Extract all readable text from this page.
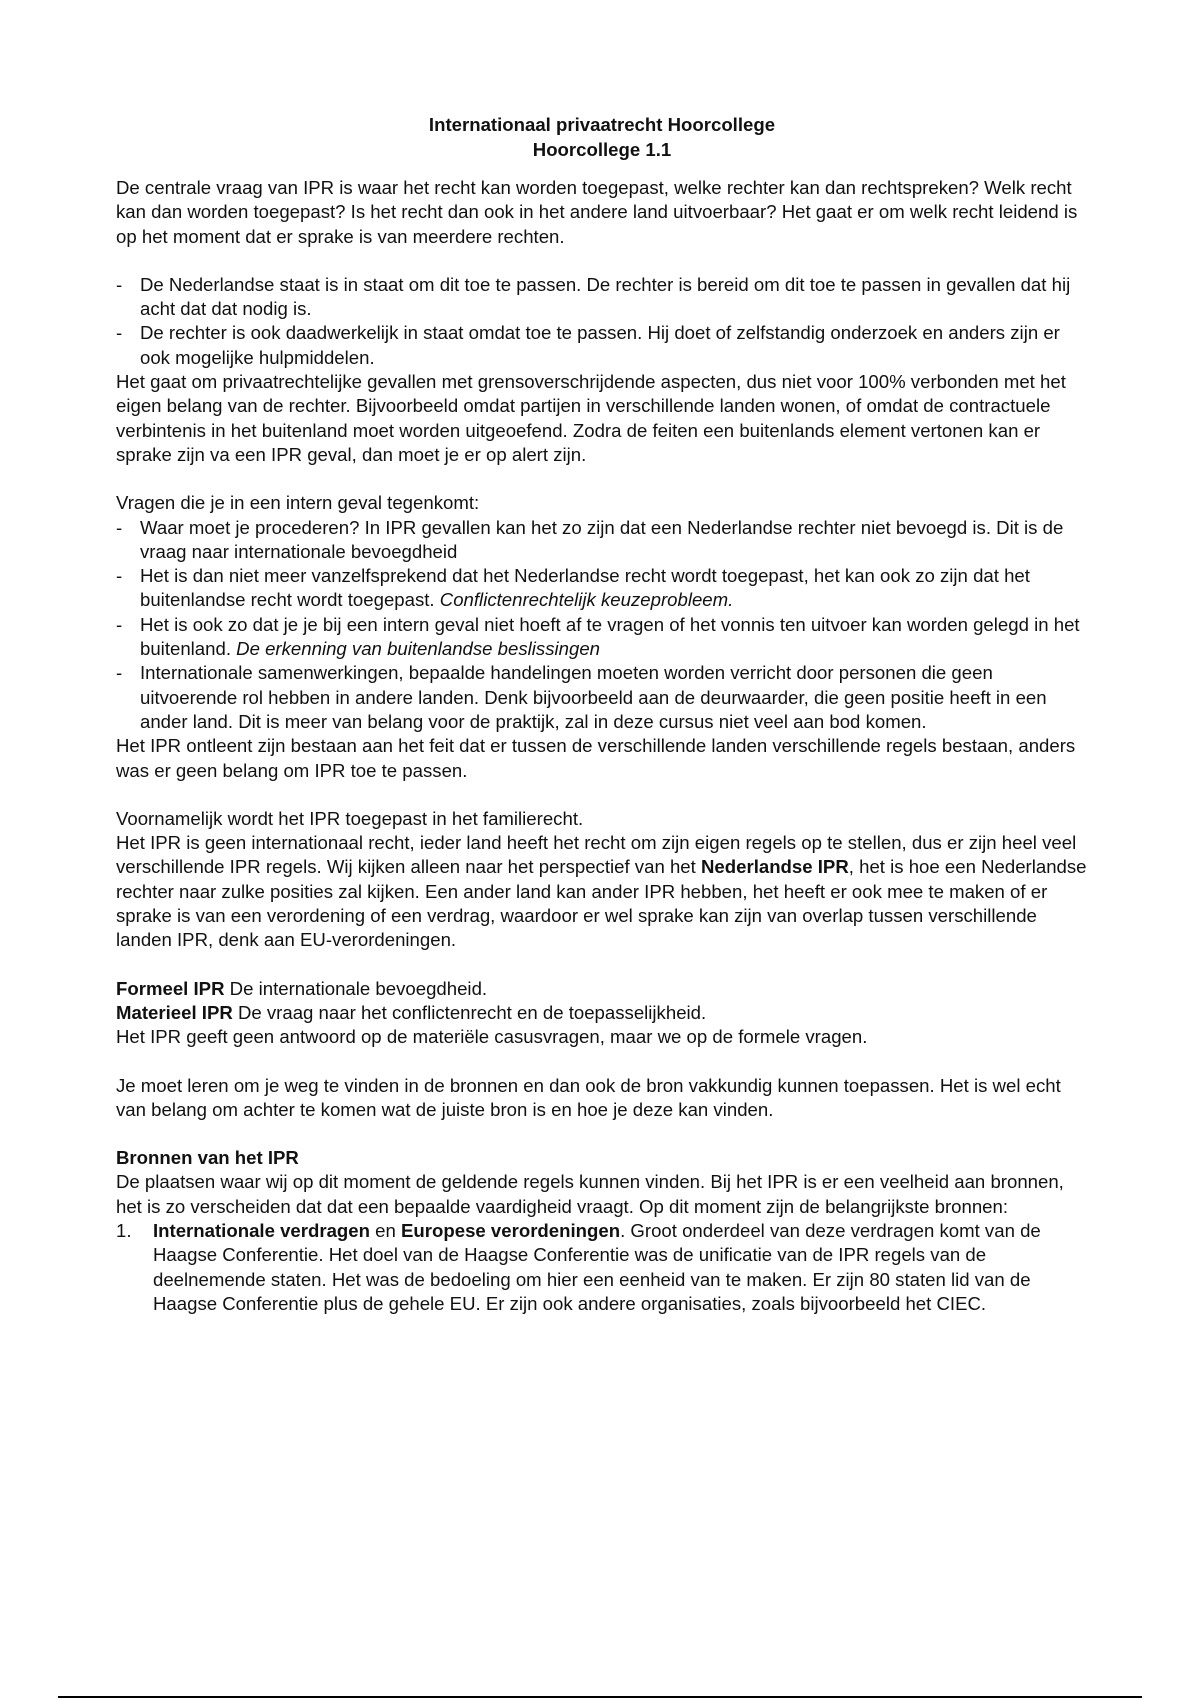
Internationaal privaatrecht Hoorcollege
Hoorcollege 1.1

De centrale vraag van IPR is waar het recht kan worden toegepast, welke rechter kan dan rechtspreken? Welk recht kan dan worden toegepast? Is het recht dan ook in het andere land uitvoerbaar? Het gaat er om welk recht leidend is op het moment dat er sprake is van meerdere rechten.

- De Nederlandse staat is in staat om dit toe te passen. De rechter is bereid om dit toe te passen in gevallen dat hij acht dat dat nodig is.
- De rechter is ook daadwerkelijk in staat omdat toe te passen. Hij doet of zelfstandig onderzoek en anders zijn er ook mogelijke hulpmiddelen.

Het gaat om privaatrechtelijke gevallen met grensoverschrijdende aspecten, dus niet voor 100% verbonden met het eigen belang van de rechter. Bijvoorbeeld omdat partijen in verschillende landen wonen, of omdat de contractuele verbintenis in het buitenland moet worden uitgeoefend. Zodra de feiten een buitenlands element vertonen kan er sprake zijn va een IPR geval, dan moet je er op alert zijn.

Vragen die je in een intern geval tegenkomt:

- Waar moet je procederen? In IPR gevallen kan het zo zijn dat een Nederlandse rechter niet bevoegd is. Dit is de vraag naar internationale bevoegdheid
- Het is dan niet meer vanzelfsprekend dat het Nederlandse recht wordt toegepast, het kan ook zo zijn dat het buitenlandse recht wordt toegepast. Conflictenrechtelijk keuzeprobleem.
- Het is ook zo dat je je bij een intern geval niet hoeft af te vragen of het vonnis ten uitvoer kan worden gelegd in het buitenland. De erkenning van buitenlandse beslissingen
- Internationale samenwerkingen, bepaalde handelingen moeten worden verricht door personen die geen uitvoerende rol hebben in andere landen. Denk bijvoorbeeld aan de deurwaarder, die geen positie heeft in een ander land. Dit is meer van belang voor de praktijk, zal in deze cursus niet veel aan bod komen.

Het IPR ontleent zijn bestaan aan het feit dat er tussen de verschillende landen verschillende regels bestaan, anders was er geen belang om IPR toe te passen.

Voornamelijk wordt het IPR toegepast in het familierecht.

Het IPR is geen internationaal recht, ieder land heeft het recht om zijn eigen regels op te stellen, dus er zijn heel veel verschillende IPR regels. Wij kijken alleen naar het perspectief van het Nederlandse IPR, het is hoe een Nederlandse rechter naar zulke posities zal kijken. Een ander land kan ander IPR hebben, het heeft er ook mee te maken of er sprake is van een verordening of een verdrag, waardoor er wel sprake kan zijn van overlap tussen verschillende landen IPR, denk aan EU-verordeningen.

Formeel IPR De internationale bevoegdheid.

Materieel IPR De vraag naar het conflictenrecht en de toepasselijkheid.

Het IPR geeft geen antwoord op de materiële casusvragen, maar we op de formele vragen.

Je moet leren om je weg te vinden in de bronnen en dan ook de bron vakkundig kunnen toepassen. Het is wel echt van belang om achter te komen wat de juiste bron is en hoe je deze kan vinden.

Bronnen van het IPR

De plaatsen waar wij op dit moment de geldende regels kunnen vinden. Bij het IPR is er een veelheid aan bronnen, het is zo verscheiden dat dat een bepaalde vaardigheid vraagt. Op dit moment zijn de belangrijkste bronnen:

1. Internationale verdragen en Europese verordeningen. Groot onderdeel van deze verdragen komt van de Haagse Conferentie. Het doel van de Haagse Conferentie was de unificatie van de IPR regels van de deelnemende staten. Het was de bedoeling om hier een eenheid van te maken. Er zijn 80 staten lid van de Haagse Conferentie plus de gehele EU. Er zijn ook andere organisaties, zoals bijvoorbeeld het CIEC.
